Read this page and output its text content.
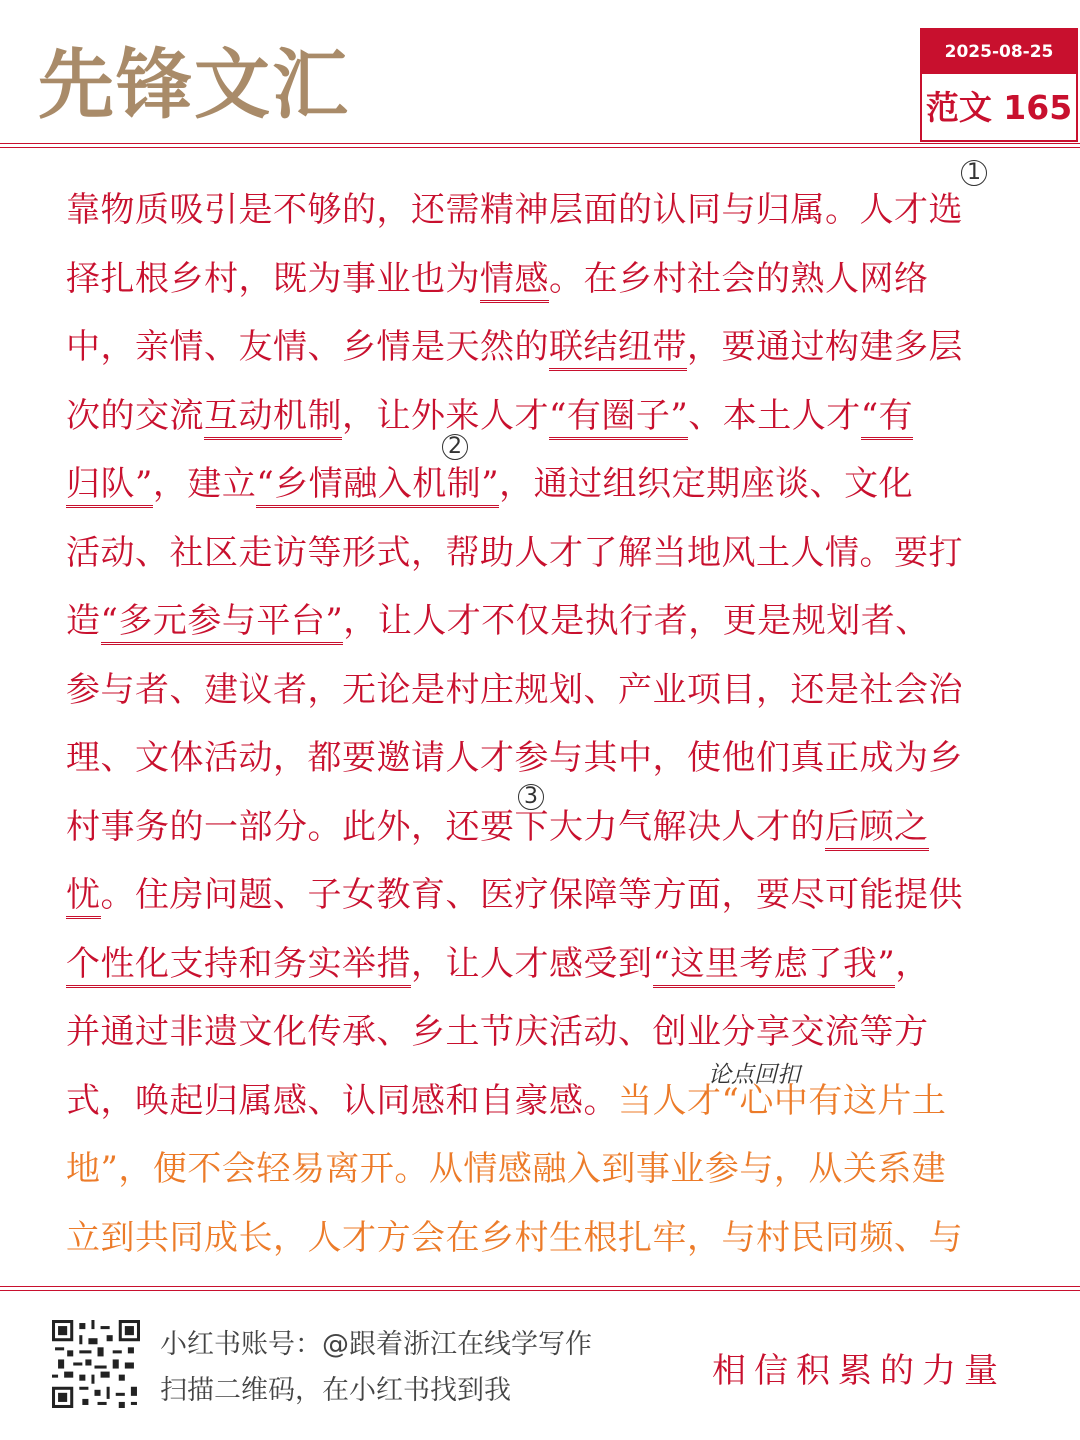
先锋文汇	2025-08-25
范文 165
靠物质吸引是不够的，还需精神层面的认同与归属。人才选
择扎根乡村，既为事业也为情感。在乡村社会的熟人网络
中，亲情、友情、乡情是天然的联结纽带，要通过构建多层
次的交流互动机制，让外来人才“有圈子”、本土人才“有
归队”，建立“乡情融入机制”，通过组织定期座谈、文化
活动、社区走访等形式，帮助人才了解当地风土人情。要打
造“多元参与平台”，让人才不仅是执行者，更是规划者、
参与者、建议者，无论是村庄规划、产业项目，还是社会治
理、文体活动，都要邀请人才参与其中，使他们真正成为乡
村事务的一部分。此外，还要下大力气解决人才的后顾之
忧。住房问题、子女教育、医疗保障等方面，要尽可能提供
个性化支持和务实举措，让人才感受到“这里考虑了我”，
并通过非遗文化传承、乡土节庆活动、创业分享交流等方
式，唤起归属感、认同感和自豪感。当人才“心中有这片土
地”，便不会轻易离开。从情感融入到事业参与，从关系建
立到共同成长，人才方会在乡村生根扎牢，与村民同频、与
1
2
3
论点回扣
小红书账号：@跟着浙江在线学写作
扫描二维码，在小红书找到我	相信积累的力量
